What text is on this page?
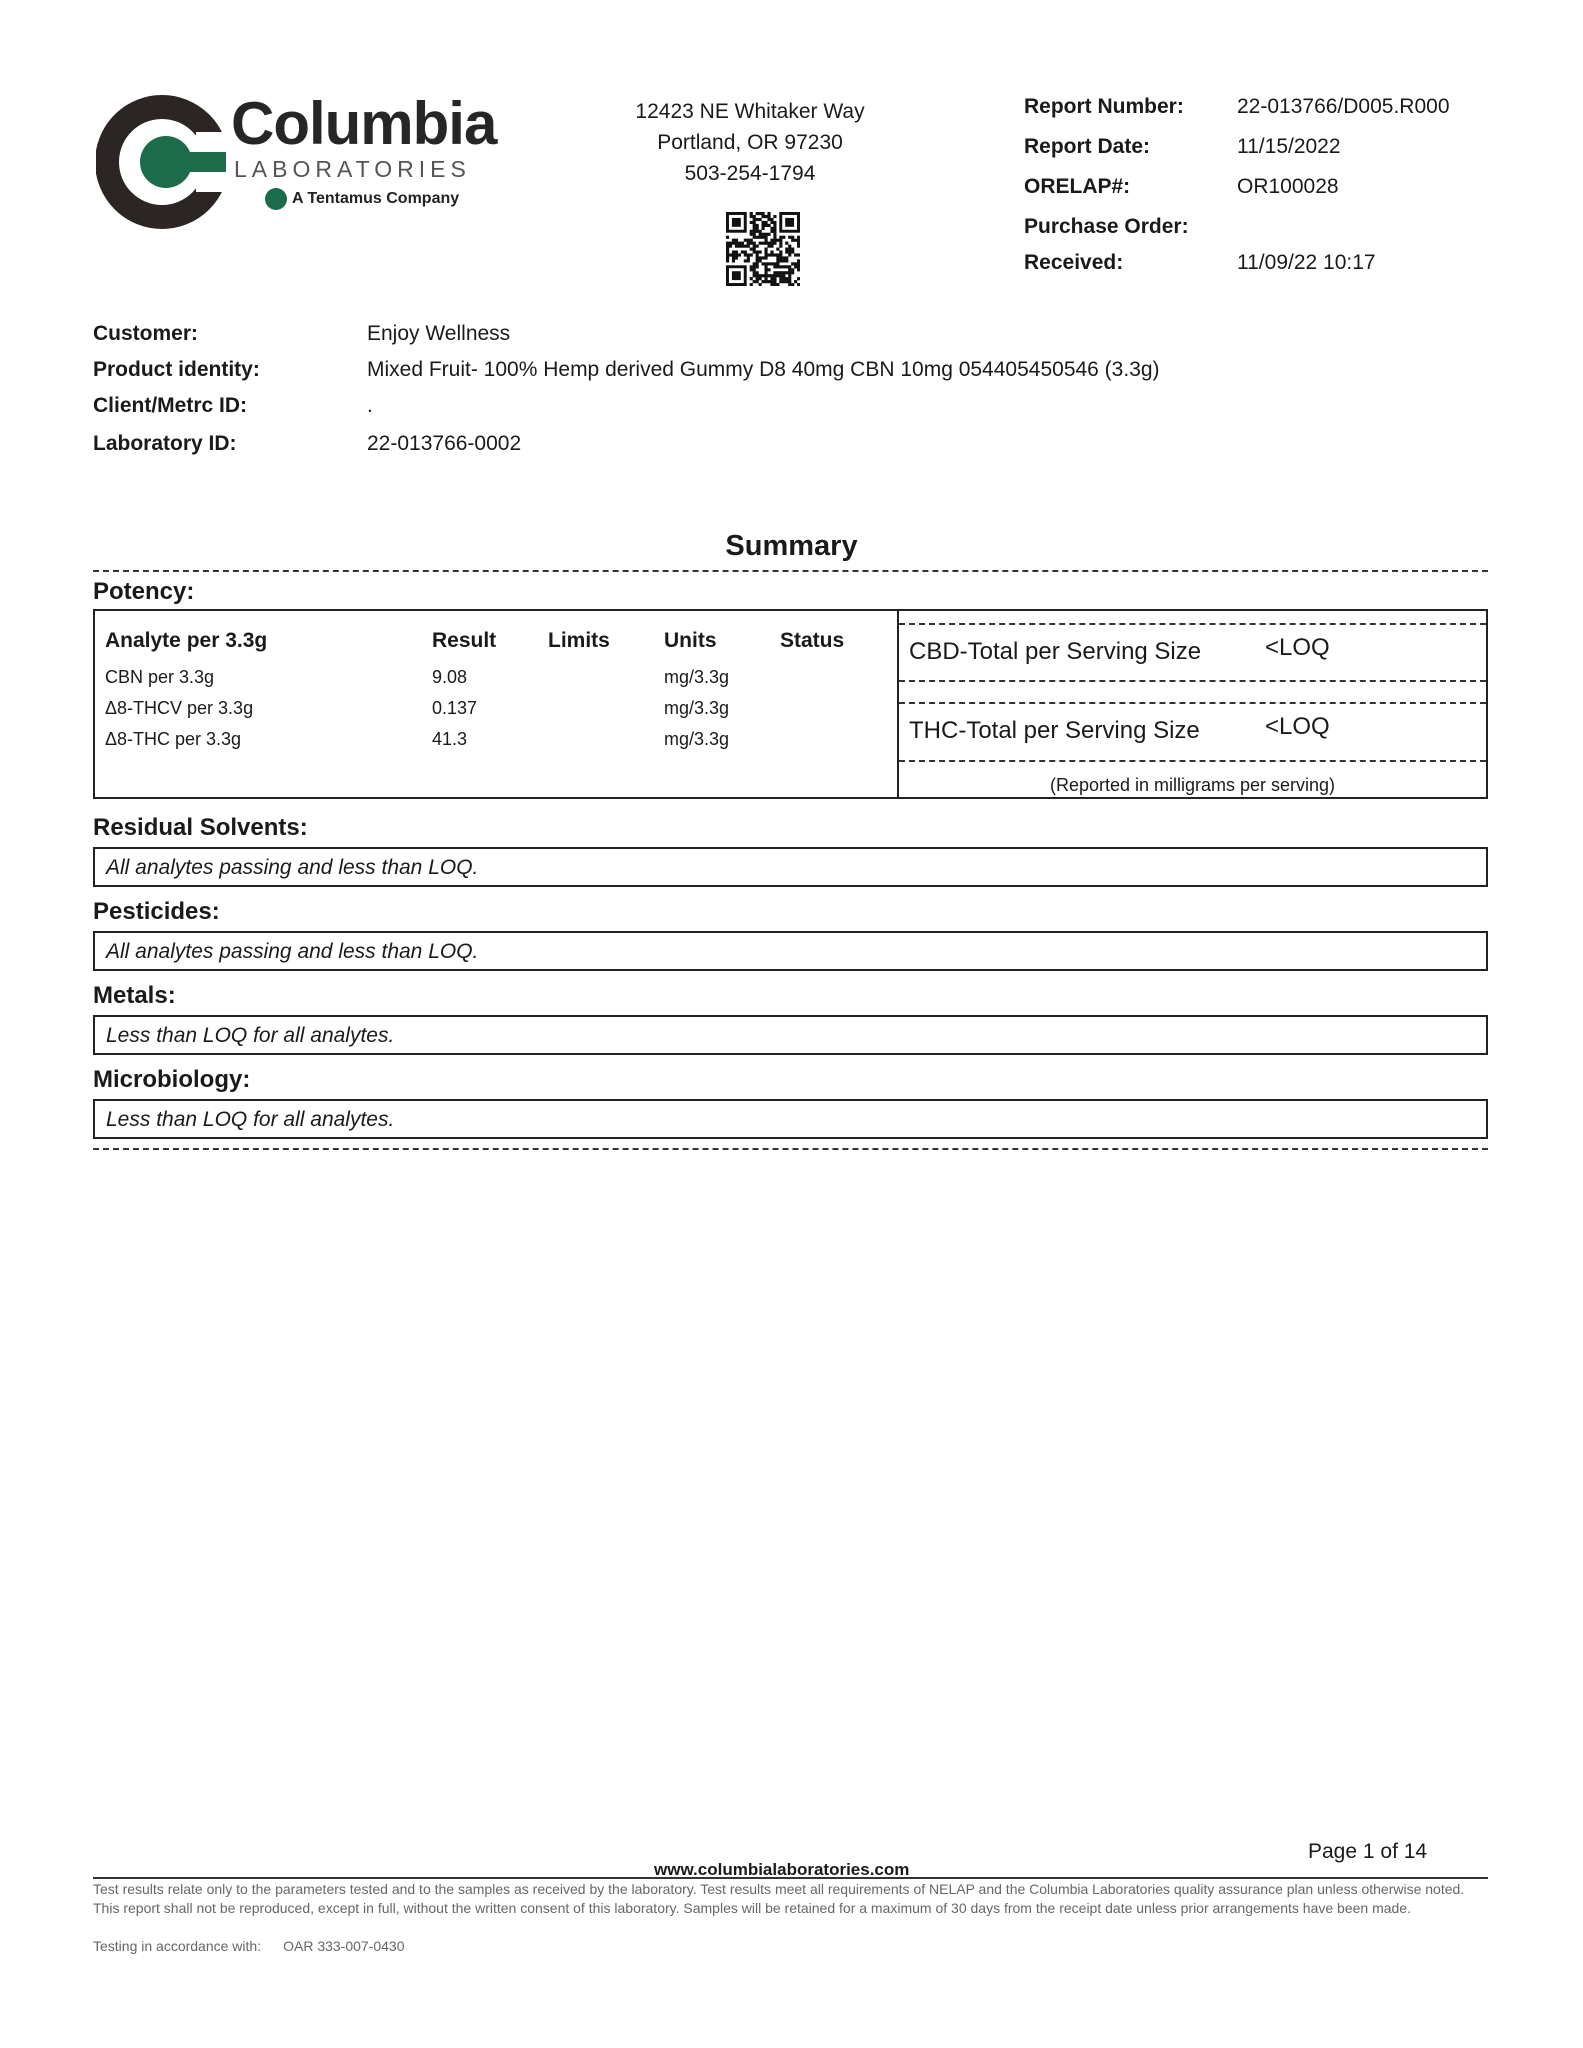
Columbia
LABORATORIES
A Tentamus Company
12423 NE Whitaker Way
Portland, OR 97230
503-254-1794
Report Number:	22-013766/D005.R000
Report Date:	11/15/2022
ORELAP#:	OR100028
Purchase Order:
Received:	11/09/22 10:17
Customer:	Enjoy Wellness
Product identity:	Mixed Fruit- 100% Hemp derived Gummy D8 40mg CBN 10mg 054405450546 (3.3g)
Client/Metrc ID:	.
Laboratory ID:	22-013766-0002
Summary
Potency:
Analyte per 3.3g	Result Limits	Units	Status
CBN per 3.3g	9.08	mg/3.3g
Δ8-THCV per 3.3g	0.137	mg/3.3g
Δ8-THC per 3.3g	41.3	mg/3.3g
CBD-Total per Serving Size	<LOQ
THC-Total per Serving Size	<LOQ
(Reported in milligrams per serving)
Residual Solvents:
All analytes passing and less than LOQ.
Pesticides:
All analytes passing and less than LOQ.
Metals:
Less than LOQ for all analytes.
Microbiology:
Less than LOQ for all analytes.
Page 1 of 14
www.columbialaboratories.com
Test results relate only to the parameters tested and to the samples as received by the laboratory. Test results meet all requirements of NELAP and the Columbia Laboratories quality assurance plan unless otherwise noted. This report shall not be reproduced, except in full, without the written consent of this laboratory. Samples will be retained for a maximum of 30 days from the receipt date unless prior arrangements have been made.
Testing in accordance with: OAR 333-007-0430
